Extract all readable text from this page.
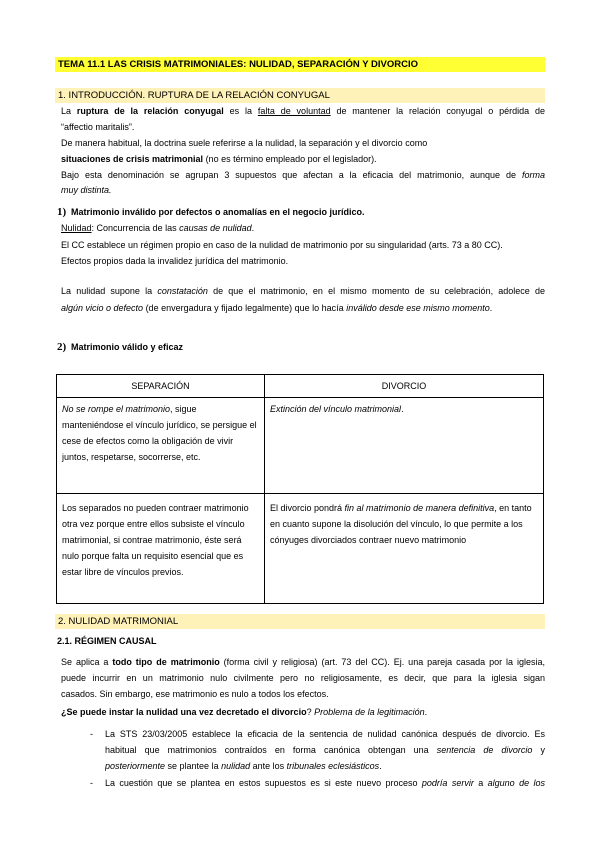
TEMA 11.1 LAS CRISIS MATRIMONIALES: NULIDAD, SEPARACIÓN Y DIVORCIO
1. INTRODUCCIÓN. RUPTURA DE LA RELACIÓN CONYUGAL
La ruptura de la relación conyugal es la falta de voluntad de mantener la relación conyugal o pérdida de
“affectio maritalis”.
De manera habitual, la doctrina suele referirse a la nulidad, la separación y el divorcio como
situaciones de crisis matrimonial (no es término empleado por el legislador).
Bajo esta denominación se agrupan 3 supuestos que afectan a la eficacia del matrimonio, aunque de forma
muy distinta.
1) Matrimonio inválido por defectos o anomalías en el negocio jurídico.
Nulidad: Concurrencia de las causas de nulidad.
El CC establece un régimen propio en caso de la nulidad de matrimonio por su singularidad (arts. 73 a 80 CC).
Efectos propios dada la invalidez jurídica del matrimonio.
La nulidad supone la constatación de que el matrimonio, en el mismo momento de su celebración, adolece de
algún vicio o defecto (de envergadura y fijado legalmente) que lo hacía inválido desde ese mismo momento.
2) Matrimonio válido y eficaz
SEPARACIÓN	DIVORCIO
No se rompe el matrimonio, sigue manteniéndose el vínculo jurídico, se persigue el cese de efectos como la obligación de vivir juntos, respetarse, socorrerse, etc.	Extinción del vínculo matrimonial.
Los separados no pueden contraer matrimonio otra vez porque entre ellos subsiste el vínculo matrimonial, si contrae matrimonio, éste será nulo porque falta un requisito esencial que es estar libre de vínculos previos.	El divorcio pondrá fin al matrimonio de manera definitiva, en tanto en cuanto supone la disolución del vínculo, lo que permite a los cónyuges divorciados contraer nuevo matrimonio
2. NULIDAD MATRIMONIAL
2.1. RÉGIMEN CAUSAL
Se aplica a todo tipo de matrimonio (forma civil y religiosa) (art. 73 del CC). Ej. una pareja casada por la iglesia,
puede incurrir en un matrimonio nulo civilmente pero no religiosamente, es decir, que para la iglesia sigan
casados. Sin embargo, ese matrimonio es nulo a todos los efectos.
¿Se puede instar la nulidad una vez decretado el divorcio? Problema de la legitimación.
- La STS 23/03/2005 establece la eficacia de la sentencia de nulidad canónica después de divorcio. Es
habitual que matrimonios contraídos en forma canónica obtengan una sentencia de divorcio y
posteriormente se plantee la nulidad ante los tribunales eclesiásticos.
- La cuestión que se plantea en estos supuestos es si este nuevo proceso podría servir a alguno de los
